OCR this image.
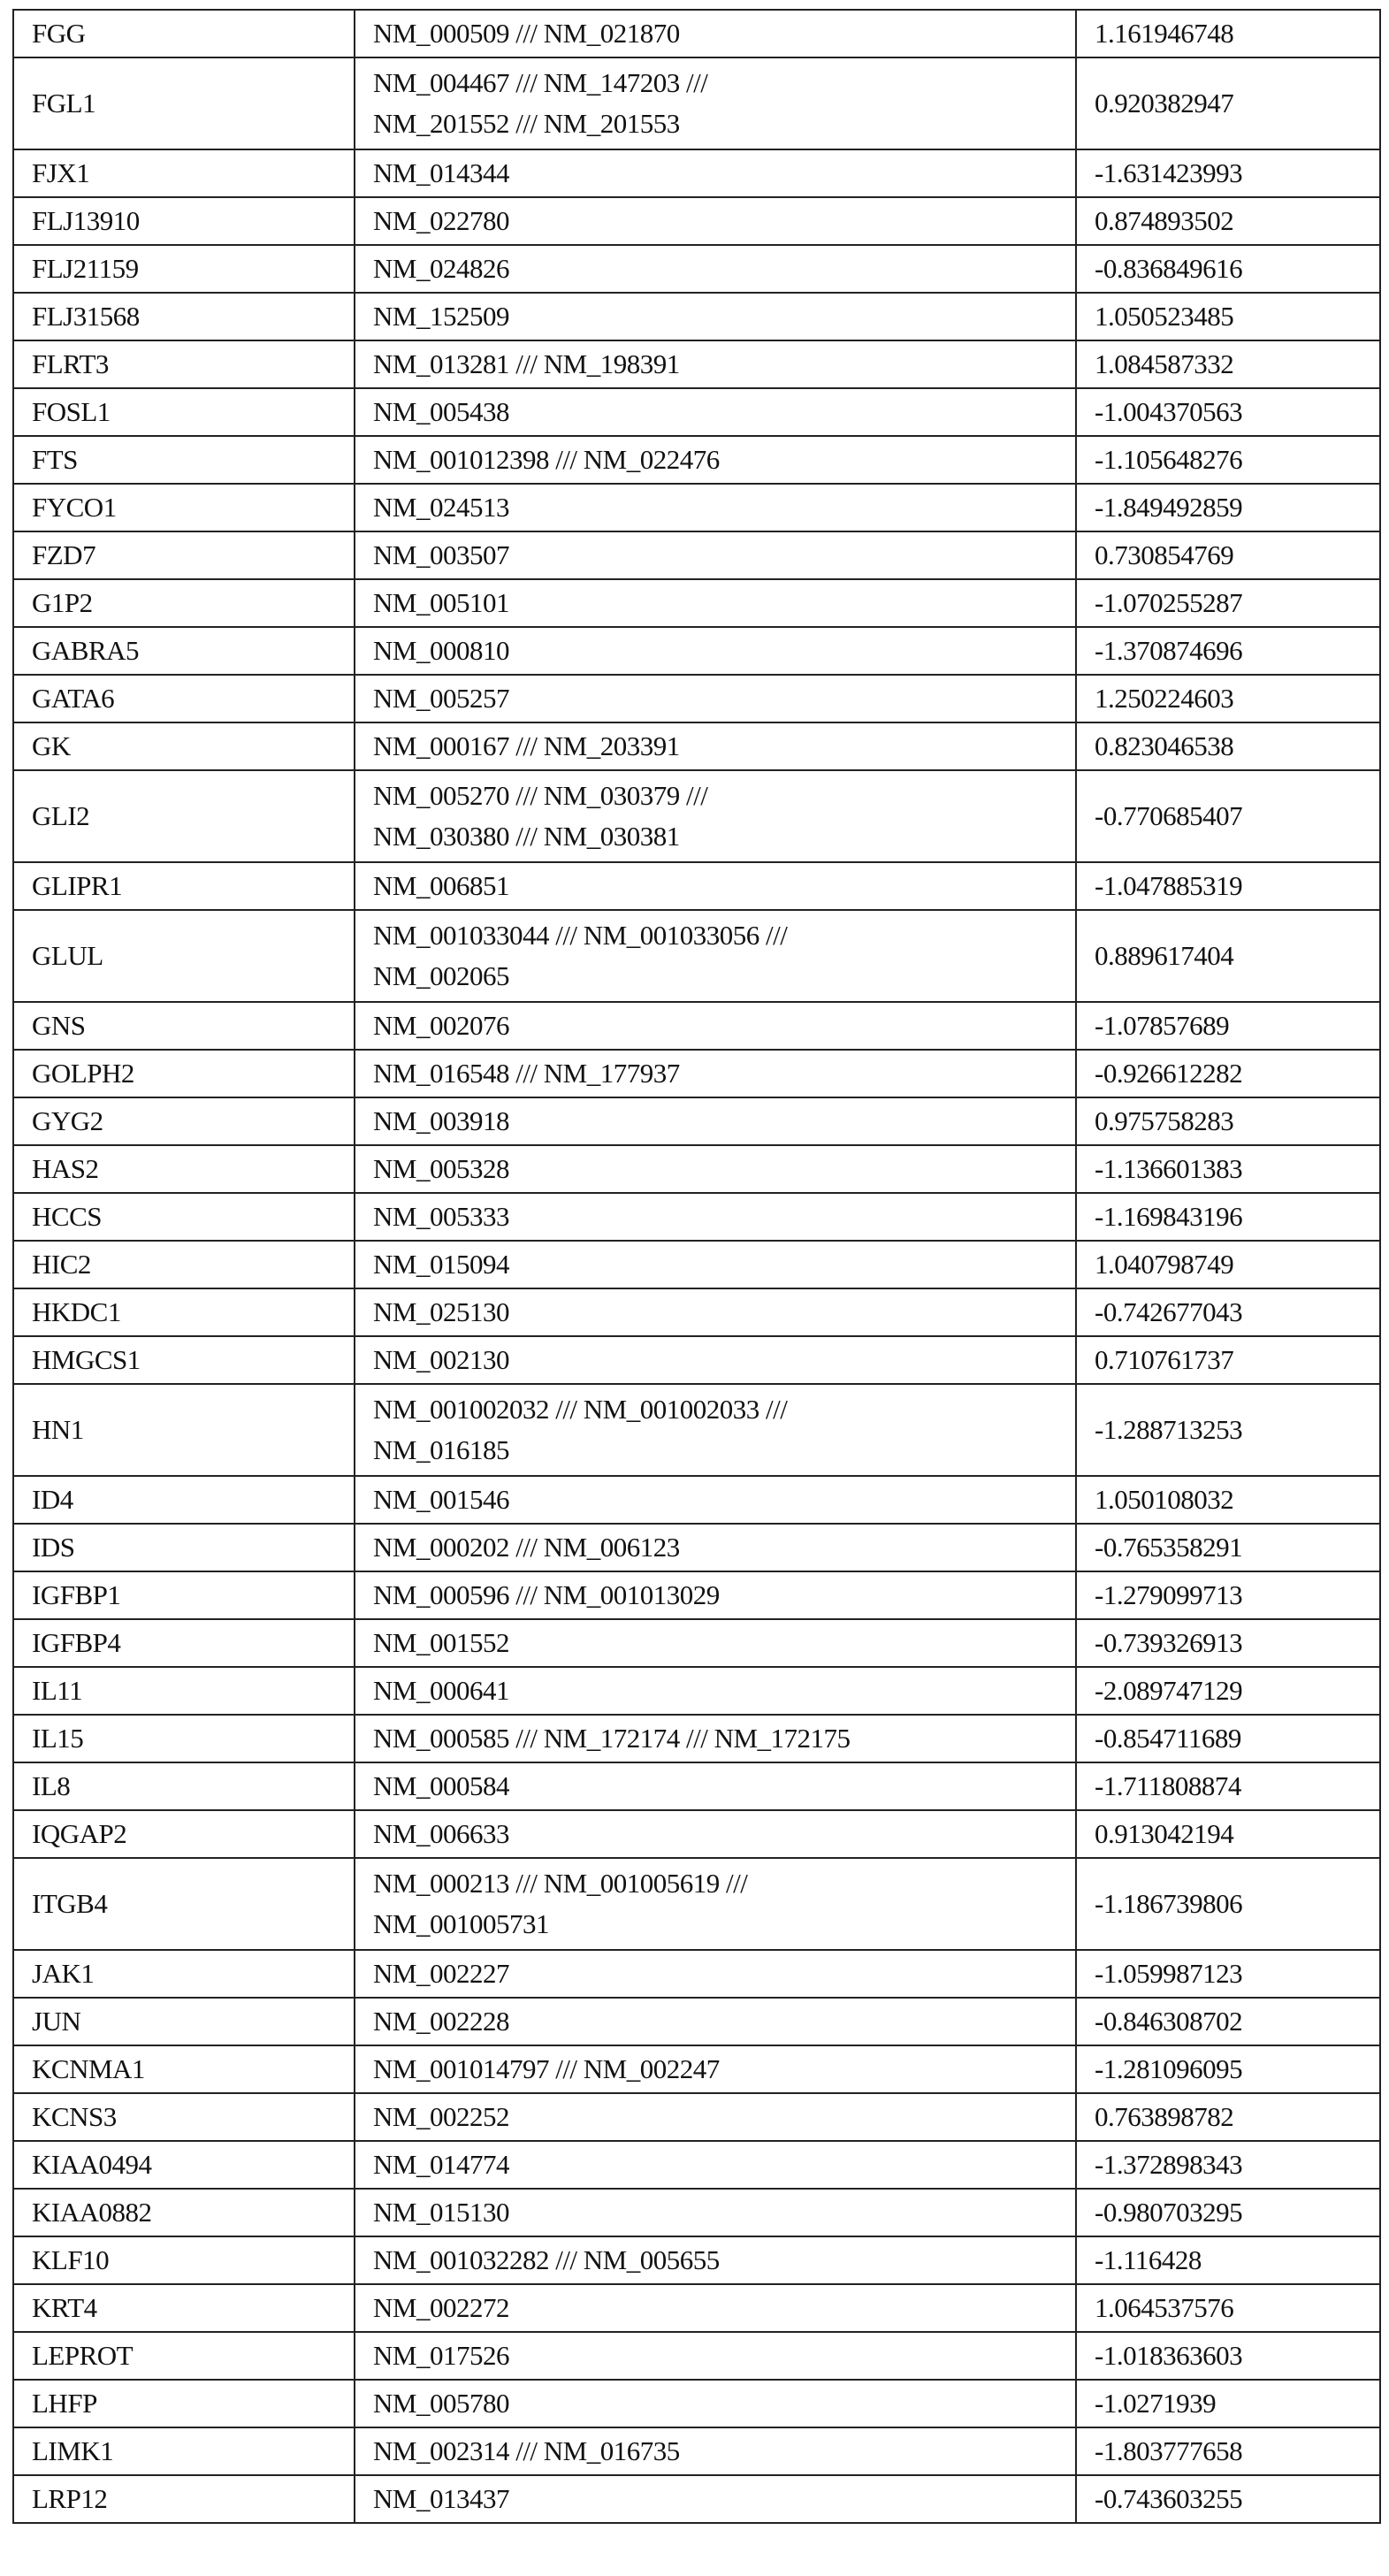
FGG	NM_000509 /// NM_021870	1.161946748
FGL1	
NM_004467 /// NM_147203 ///
NM_201552 /// NM_201553
	0.920382947
FJX1	NM_014344	-1.631423993
FLJ13910	NM_022780	0.874893502
FLJ21159	NM_024826	-0.836849616
FLJ31568	NM_152509	1.050523485
FLRT3	NM_013281 /// NM_198391	1.084587332
FOSL1	NM_005438	-1.004370563
FTS	NM_001012398 /// NM_022476	-1.105648276
FYCO1	NM_024513	-1.849492859
FZD7	NM_003507	0.730854769
G1P2	NM_005101	-1.070255287
GABRA5	NM_000810	-1.370874696
GATA6	NM_005257	1.250224603
GK	NM_000167 /// NM_203391	0.823046538
GLI2	
NM_005270 /// NM_030379 ///
NM_030380 /// NM_030381
	-0.770685407
GLIPR1	NM_006851	-1.047885319
GLUL	
NM_001033044 /// NM_001033056 ///
NM_002065
	0.889617404
GNS	NM_002076	-1.07857689
GOLPH2	NM_016548 /// NM_177937	-0.926612282
GYG2	NM_003918	0.975758283
HAS2	NM_005328	-1.136601383
HCCS	NM_005333	-1.169843196
HIC2	NM_015094	1.040798749
HKDC1	NM_025130	-0.742677043
HMGCS1	NM_002130	0.710761737
HN1	
NM_001002032 /// NM_001002033 ///
NM_016185
	-1.288713253
ID4	NM_001546	1.050108032
IDS	NM_000202 /// NM_006123	-0.765358291
IGFBP1	NM_000596 /// NM_001013029	-1.279099713
IGFBP4	NM_001552	-0.739326913
IL11	NM_000641	-2.089747129
IL15	NM_000585 /// NM_172174 /// NM_172175	-0.854711689
IL8	NM_000584	-1.711808874
IQGAP2	NM_006633	0.913042194
ITGB4	
NM_000213 /// NM_001005619 ///
NM_001005731
	-1.186739806
JAK1	NM_002227	-1.059987123
JUN	NM_002228	-0.846308702
KCNMA1	NM_001014797 /// NM_002247	-1.281096095
KCNS3	NM_002252	0.763898782
KIAA0494	NM_014774	-1.372898343
KIAA0882	NM_015130	-0.980703295
KLF10	NM_001032282 /// NM_005655	-1.116428
KRT4	NM_002272	1.064537576
LEPROT	NM_017526	-1.018363603
LHFP	NM_005780	-1.0271939
LIMK1	NM_002314 /// NM_016735	-1.803777658
LRP12	NM_013437	-0.743603255
